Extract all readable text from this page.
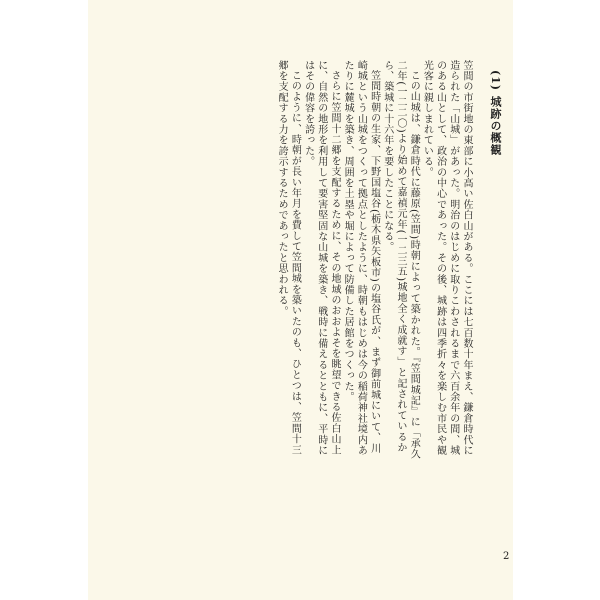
(1) 城跡の概観

笠間の市街地の東部に小高い佐白山がある。ここには七百数十年まえ、鎌倉時代に造られた「山城」があった。明治のはじめに取りこわされるまで六百余年の間、城のある山として、政治の中心であった。その後、城跡は四季折々を楽しむ市民や観光客に親しまれている。

この山城は、鎌倉時代に藤原(笠間)時朝によって築かれた。『笠間城記』に「承久二年(一二二〇)より始めて嘉禎元年(一二三五)城地全く成就す」と記されているから、築城に十六年を要したことになる。

笠間時朝の生家、下野国塩谷(栃木県矢板市)の塩谷氏が、まず御前城にいて、川崎城という山城をつくって拠点としたように、時朝もはじめは今の稲荷神社境内あたりに麓城を築き、周囲を土塁や堀によって防備した居館をつくった。

さらに笠間十二郷を支配するために、その地域のおおよそを眺望できる佐白山上に、自然の地形を利用して要害堅固な山城を築き、戦時に備えるとともに、平時にはその偉容を誇った。

このように、時朝が長い年月を費して笠間城を築いたのも、ひとつは、笠間十三郷を支配する力を誇示するためであったと思われる。

2
